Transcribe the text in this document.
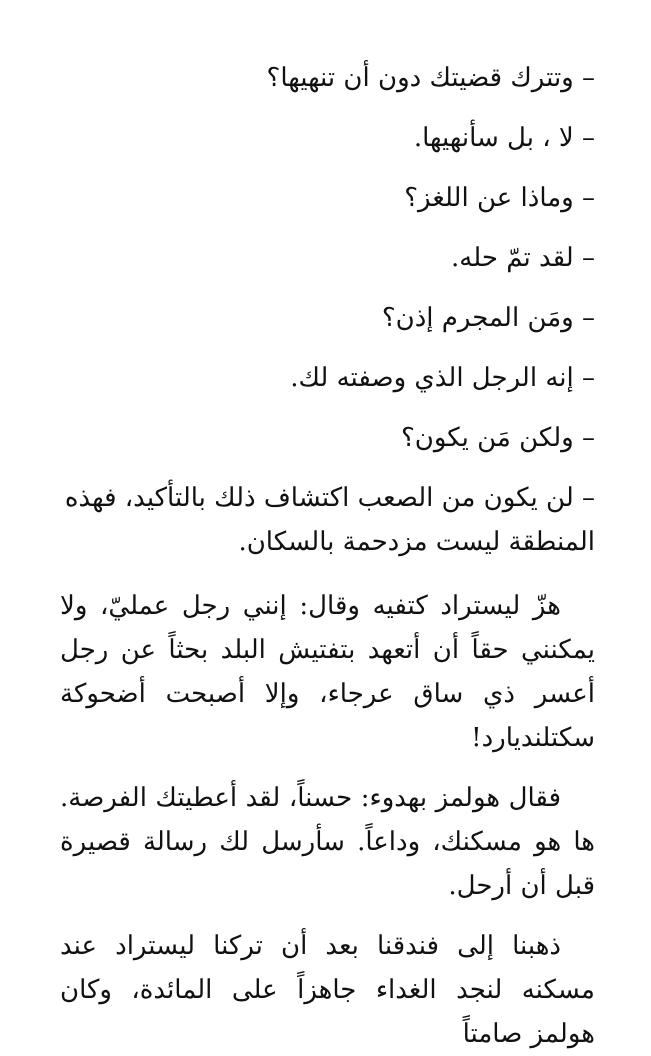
– وتترك قضيتك دون أن تنهيها؟

– لا ، بل سأنهيها.

– وماذا عن اللغز؟

– لقد تمّ حله.

– ومَن المجرم إذن؟

– إنه الرجل الذي وصفته لك.

– ولكن مَن يكون؟

– لن يكون من الصعب اكتشاف ذلك بالتأكيد، فهذه المنطقة ليست مزدحمة بالسكان.

هزّ ليستراد كتفيه وقال: إنني رجل عمليّ، ولا يمكنني حقاً أن أتعهد بتفتيش البلد بحثاً عن رجل أعسر ذي ساق عرجاء، وإلا أصبحت أضحوكة سكتلنديارد!

فقال هولمز بهدوء: حسناً، لقد أعطيتك الفرصة. ها هو مسكنك، وداعاً. سأرسل لك رسالة قصيرة قبل أن أرحل.

ذهبنا إلى فندقنا بعد أن تركنا ليستراد عند مسكنه لنجد الغداء جاهزاً على المائدة، وكان هولمز صامتاً
